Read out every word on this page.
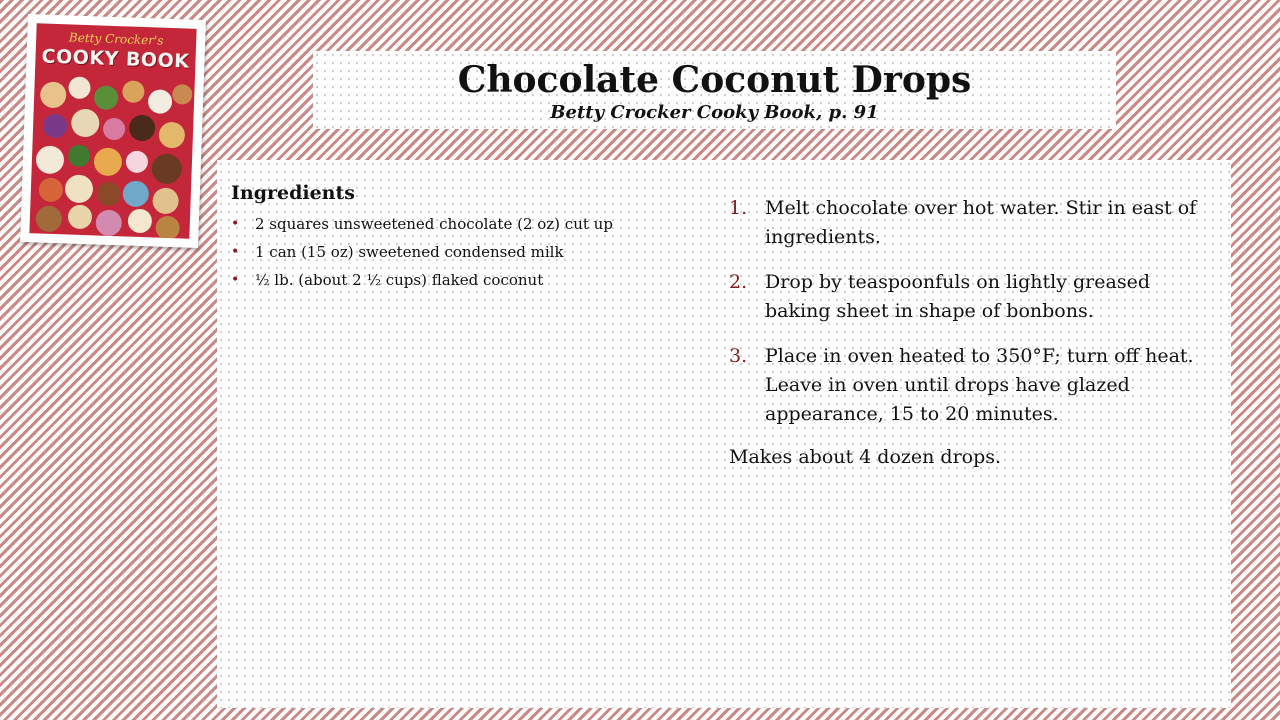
Betty Crocker's
COOKY BOOK	Chocolate Coconut Drops

Betty Crocker Cooky Book, p. 91

Ingredients
• 2 squares unsweetened chocolate (2 oz) cut up
• 1 can (15 oz) sweetened condensed milk
• ½ lb. (about 2 ½ cups) flaked coconut
1. Melt chocolate over hot water. Stir in east of ingredients.
2. Drop by teaspoonfuls on lightly greased baking sheet in shape of bonbons.
3. Place in oven heated to 350°F; turn off heat. Leave in oven until drops have glazed appearance, 15 to 20 minutes.

Makes about 4 dozen drops.
